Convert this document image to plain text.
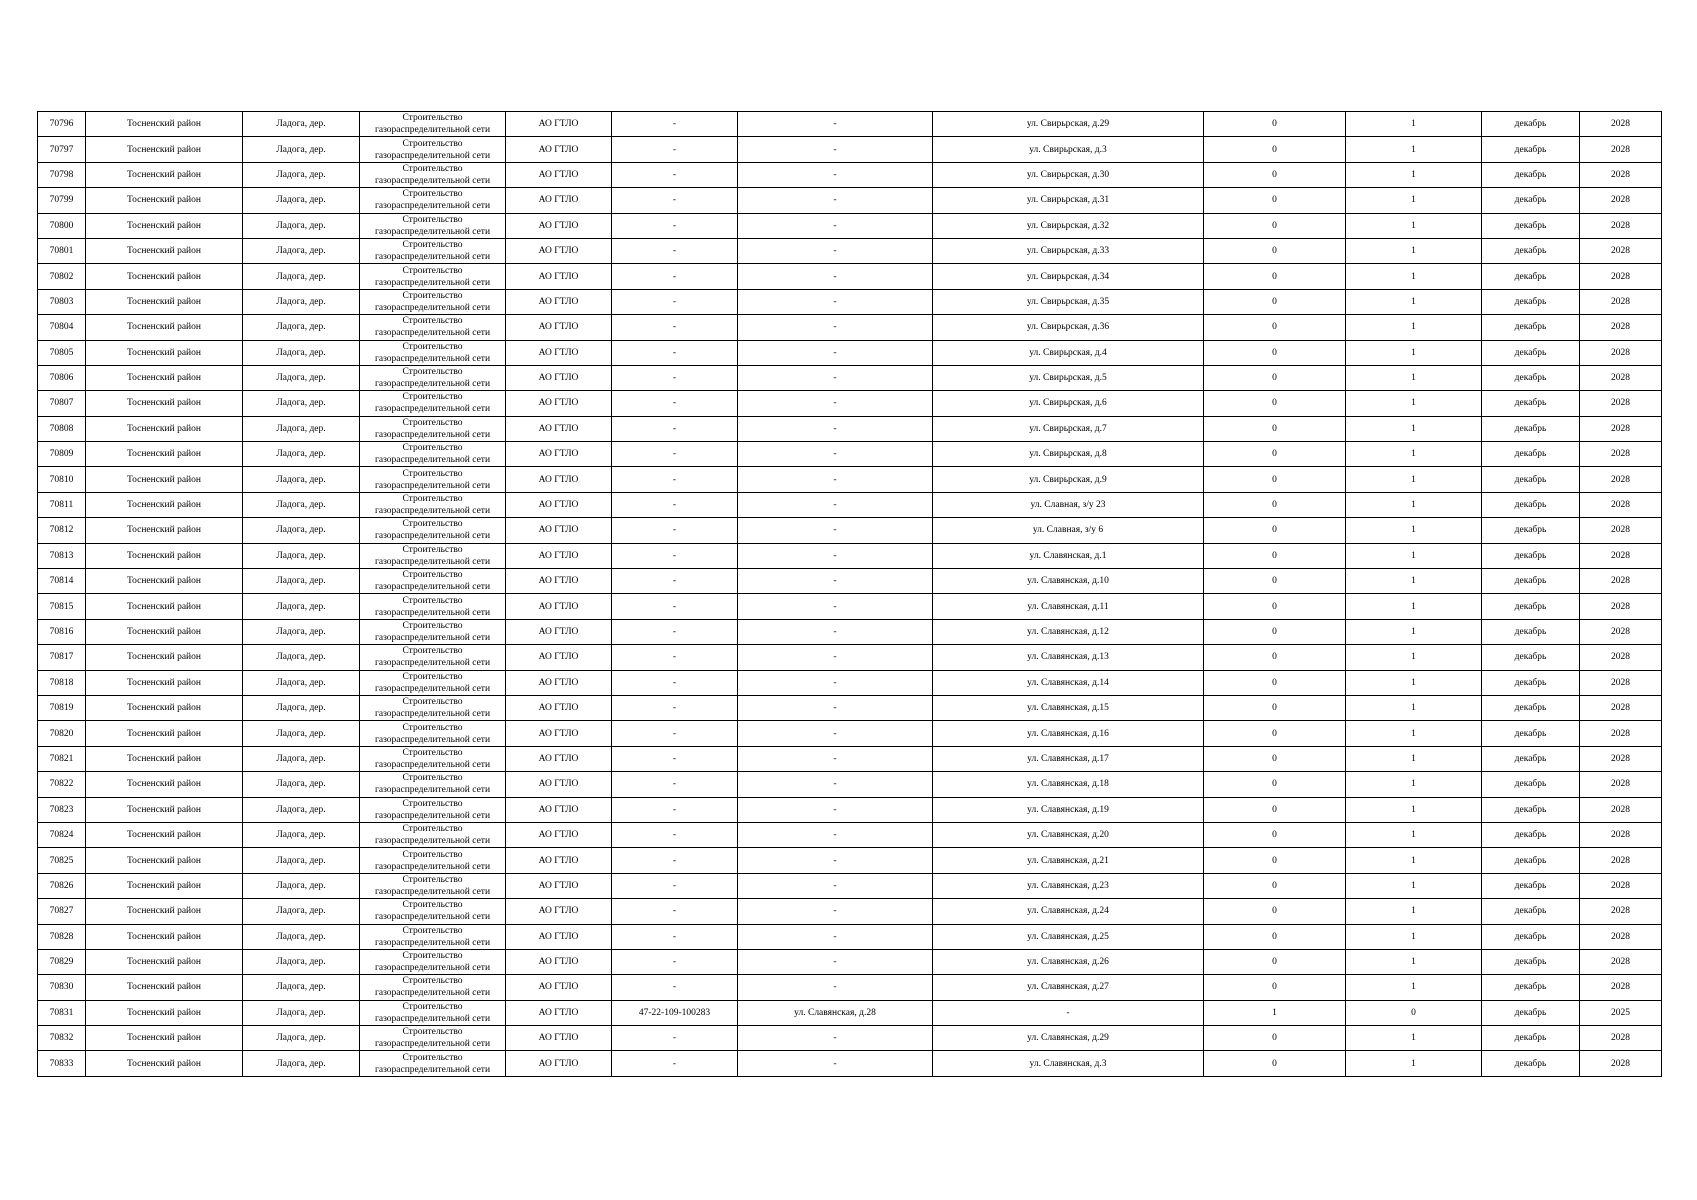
70796	Тосненский район	Ладога, дер.	Строительство
газораспределительной сети	АО ГТЛО	-	-	ул. Свирьрская, д.29	0	1	декабрь	2028
70797	Тосненский район	Ладога, дер.	Строительство
газораспределительной сети	АО ГТЛО	-	-	ул. Свирьрская, д.3	0	1	декабрь	2028
70798	Тосненский район	Ладога, дер.	Строительство
газораспределительной сети	АО ГТЛО	-	-	ул. Свирьрская, д.30	0	1	декабрь	2028
70799	Тосненский район	Ладога, дер.	Строительство
газораспределительной сети	АО ГТЛО	-	-	ул. Свирьрская, д.31	0	1	декабрь	2028
70800	Тосненский район	Ладога, дер.	Строительство
газораспределительной сети	АО ГТЛО	-	-	ул. Свирьрская, д.32	0	1	декабрь	2028
70801	Тосненский район	Ладога, дер.	Строительство
газораспределительной сети	АО ГТЛО	-	-	ул. Свирьрская, д.33	0	1	декабрь	2028
70802	Тосненский район	Ладога, дер.	Строительство
газораспределительной сети	АО ГТЛО	-	-	ул. Свирьрская, д.34	0	1	декабрь	2028
70803	Тосненский район	Ладога, дер.	Строительство
газораспределительной сети	АО ГТЛО	-	-	ул. Свирьрская, д.35	0	1	декабрь	2028
70804	Тосненский район	Ладога, дер.	Строительство
газораспределительной сети	АО ГТЛО	-	-	ул. Свирьрская, д.36	0	1	декабрь	2028
70805	Тосненский район	Ладога, дер.	Строительство
газораспределительной сети	АО ГТЛО	-	-	ул. Свирьрская, д.4	0	1	декабрь	2028
70806	Тосненский район	Ладога, дер.	Строительство
газораспределительной сети	АО ГТЛО	-	-	ул. Свирьрская, д.5	0	1	декабрь	2028
70807	Тосненский район	Ладога, дер.	Строительство
газораспределительной сети	АО ГТЛО	-	-	ул. Свирьрская, д.6	0	1	декабрь	2028
70808	Тосненский район	Ладога, дер.	Строительство
газораспределительной сети	АО ГТЛО	-	-	ул. Свирьрская, д.7	0	1	декабрь	2028
70809	Тосненский район	Ладога, дер.	Строительство
газораспределительной сети	АО ГТЛО	-	-	ул. Свирьрская, д.8	0	1	декабрь	2028
70810	Тосненский район	Ладога, дер.	Строительство
газораспределительной сети	АО ГТЛО	-	-	ул. Свирьрская, д.9	0	1	декабрь	2028
70811	Тосненский район	Ладога, дер.	Строительство
газораспределительной сети	АО ГТЛО	-	-	ул. Славная, з/у 23	0	1	декабрь	2028
70812	Тосненский район	Ладога, дер.	Строительство
газораспределительной сети	АО ГТЛО	-	-	ул. Славная, з/у 6	0	1	декабрь	2028
70813	Тосненский район	Ладога, дер.	Строительство
газораспределительной сети	АО ГТЛО	-	-	ул. Славянская, д.1	0	1	декабрь	2028
70814	Тосненский район	Ладога, дер.	Строительство
газораспределительной сети	АО ГТЛО	-	-	ул. Славянская, д.10	0	1	декабрь	2028
70815	Тосненский район	Ладога, дер.	Строительство
газораспределительной сети	АО ГТЛО	-	-	ул. Славянская, д.11	0	1	декабрь	2028
70816	Тосненский район	Ладога, дер.	Строительство
газораспределительной сети	АО ГТЛО	-	-	ул. Славянская, д.12	0	1	декабрь	2028
70817	Тосненский район	Ладога, дер.	Строительство
газораспределительной сети	АО ГТЛО	-	-	ул. Славянская, д.13	0	1	декабрь	2028
70818	Тосненский район	Ладога, дер.	Строительство
газораспределительной сети	АО ГТЛО	-	-	ул. Славянская, д.14	0	1	декабрь	2028
70819	Тосненский район	Ладога, дер.	Строительство
газораспределительной сети	АО ГТЛО	-	-	ул. Славянская, д.15	0	1	декабрь	2028
70820	Тосненский район	Ладога, дер.	Строительство
газораспределительной сети	АО ГТЛО	-	-	ул. Славянская, д.16	0	1	декабрь	2028
70821	Тосненский район	Ладога, дер.	Строительство
газораспределительной сети	АО ГТЛО	-	-	ул. Славянская, д.17	0	1	декабрь	2028
70822	Тосненский район	Ладога, дер.	Строительство
газораспределительной сети	АО ГТЛО	-	-	ул. Славянская, д.18	0	1	декабрь	2028
70823	Тосненский район	Ладога, дер.	Строительство
газораспределительной сети	АО ГТЛО	-	-	ул. Славянская, д.19	0	1	декабрь	2028
70824	Тосненский район	Ладога, дер.	Строительство
газораспределительной сети	АО ГТЛО	-	-	ул. Славянская, д.20	0	1	декабрь	2028
70825	Тосненский район	Ладога, дер.	Строительство
газораспределительной сети	АО ГТЛО	-	-	ул. Славянская, д.21	0	1	декабрь	2028
70826	Тосненский район	Ладога, дер.	Строительство
газораспределительной сети	АО ГТЛО	-	-	ул. Славянская, д.23	0	1	декабрь	2028
70827	Тосненский район	Ладога, дер.	Строительство
газораспределительной сети	АО ГТЛО	-	-	ул. Славянская, д.24	0	1	декабрь	2028
70828	Тосненский район	Ладога, дер.	Строительство
газораспределительной сети	АО ГТЛО	-	-	ул. Славянская, д.25	0	1	декабрь	2028
70829	Тосненский район	Ладога, дер.	Строительство
газораспределительной сети	АО ГТЛО	-	-	ул. Славянская, д.26	0	1	декабрь	2028
70830	Тосненский район	Ладога, дер.	Строительство
газораспределительной сети	АО ГТЛО	-	-	ул. Славянская, д.27	0	1	декабрь	2028
70831	Тосненский район	Ладога, дер.	Строительство
газораспределительной сети	АО ГТЛО	47-22-109-100283	ул. Славянская, д.28	-	1	0	декабрь	2025
70832	Тосненский район	Ладога, дер.	Строительство
газораспределительной сети	АО ГТЛО	-	-	ул. Славянская, д.29	0	1	декабрь	2028
70833	Тосненский район	Ладога, дер.	Строительство
газораспределительной сети	АО ГТЛО	-	-	ул. Славянская, д.3	0	1	декабрь	2028
